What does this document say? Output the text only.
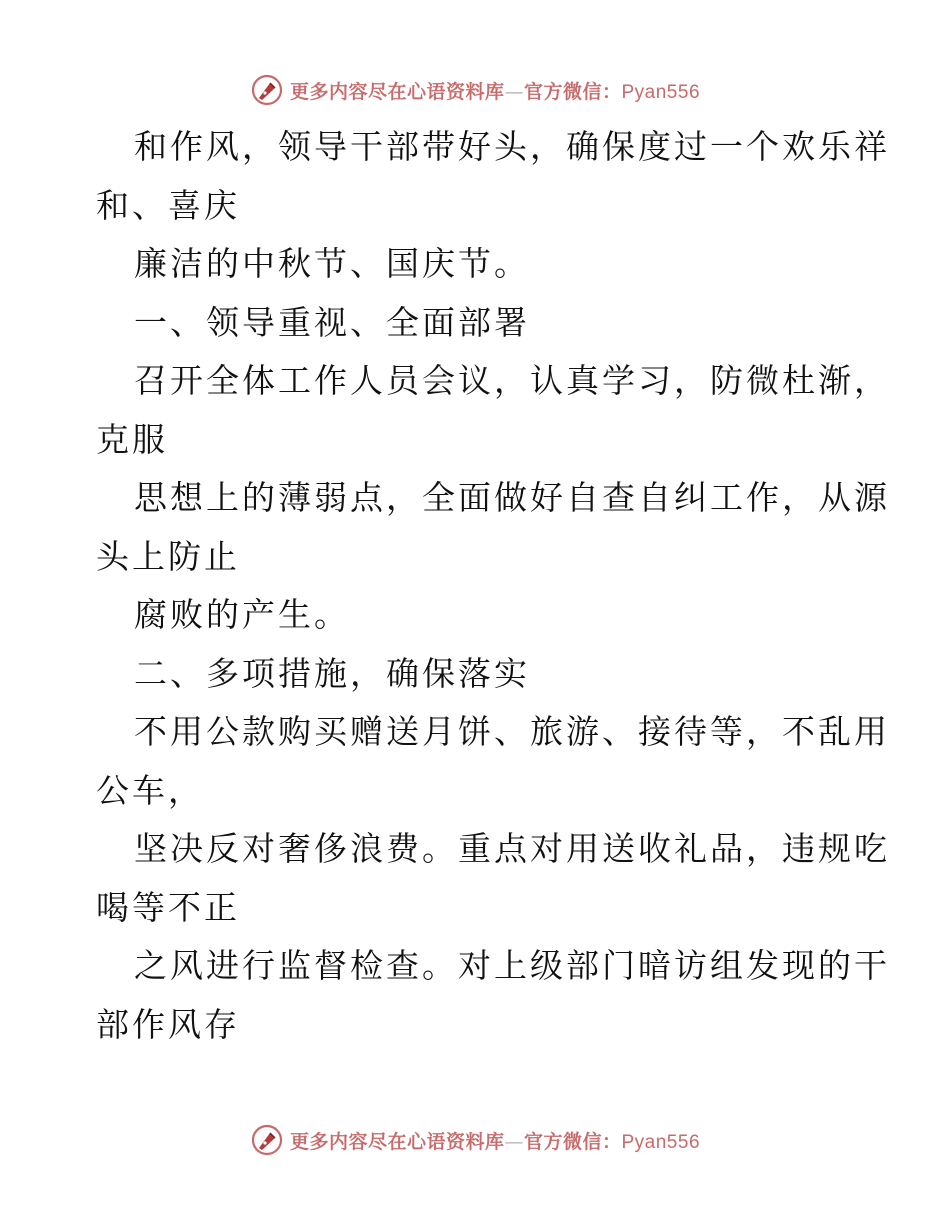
更多内容尽在心语资料库—官方微信：Pyan556
和作风，领导干部带好头，确保度过一个欢乐祥
和、喜庆
廉洁的中秋节、国庆节。
一、领导重视、全面部署
召开全体工作人员会议，认真学习，防微杜渐，
克服
思想上的薄弱点，全面做好自查自纠工作，从源
头上防止
腐败的产生。
二、多项措施，确保落实
不用公款购买赠送月饼、旅游、接待等，不乱用
公车，
坚决反对奢侈浪费。重点对用送收礼品，违规吃
喝等不正
之风进行监督检查。对上级部门暗访组发现的干
部作风存
更多内容尽在心语资料库—官方微信：Pyan556
